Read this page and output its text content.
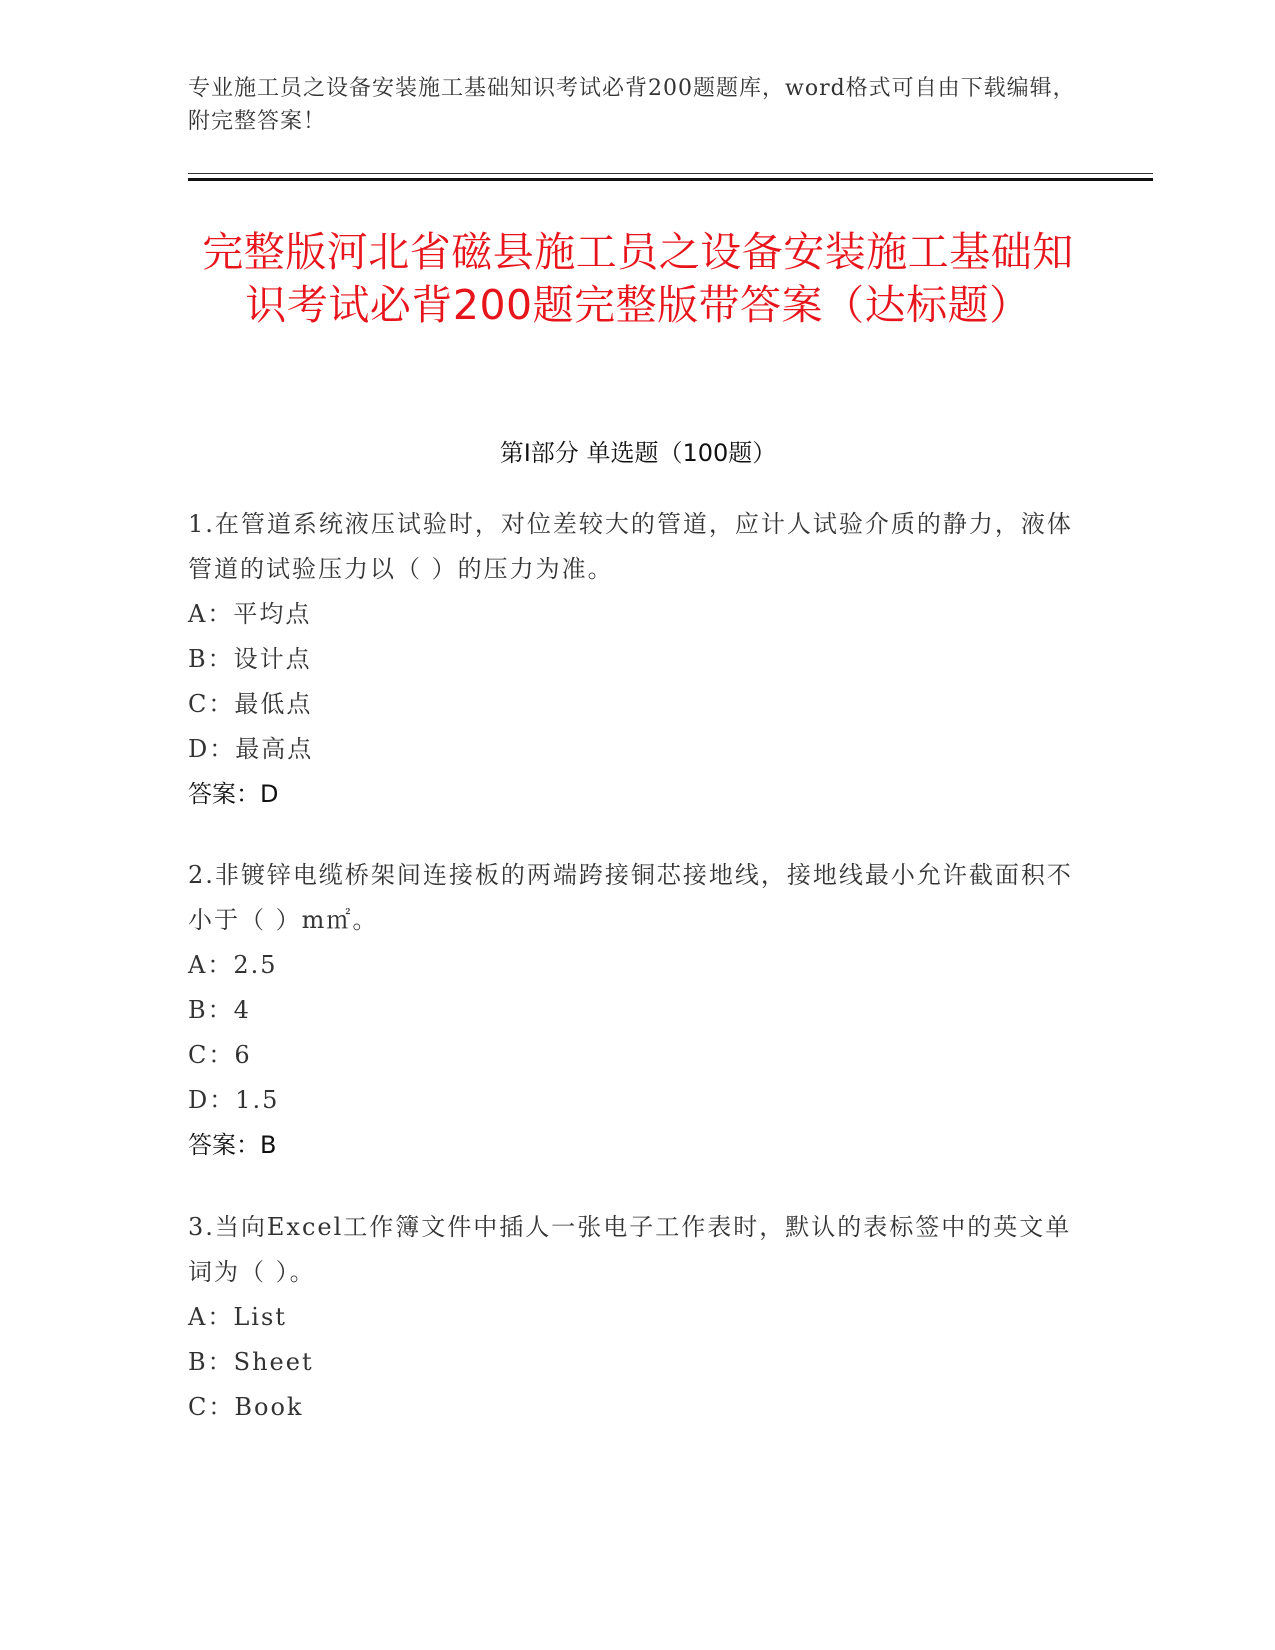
专业施工员之设备安装施工基础知识考试必背200题题库，word格式可自由下载编辑，附完整答案！
完整版河北省磁县施工员之设备安装施工基础知识考试必背200题完整版带答案（达标题）
第Ⅰ部分 单选题（100题）

1.在管道系统液压试验时，对位差较大的管道，应计人试验介质的静力，液体管道的试验压力以（ ）的压力为准。

A：平均点

B：设计点

C：最低点

D：最高点

答案：D

2.非镀锌电缆桥架间连接板的两端跨接铜芯接地线，接地线最小允许截面积不小于（ ）m㎡。

A：2.5

B：4

C：6

D：1.5

答案：B

3.当向Excel工作簿文件中插人一张电子工作表时，默认的表标签中的英文单词为（ ）。

A：List

B：Sheet

C：Book
